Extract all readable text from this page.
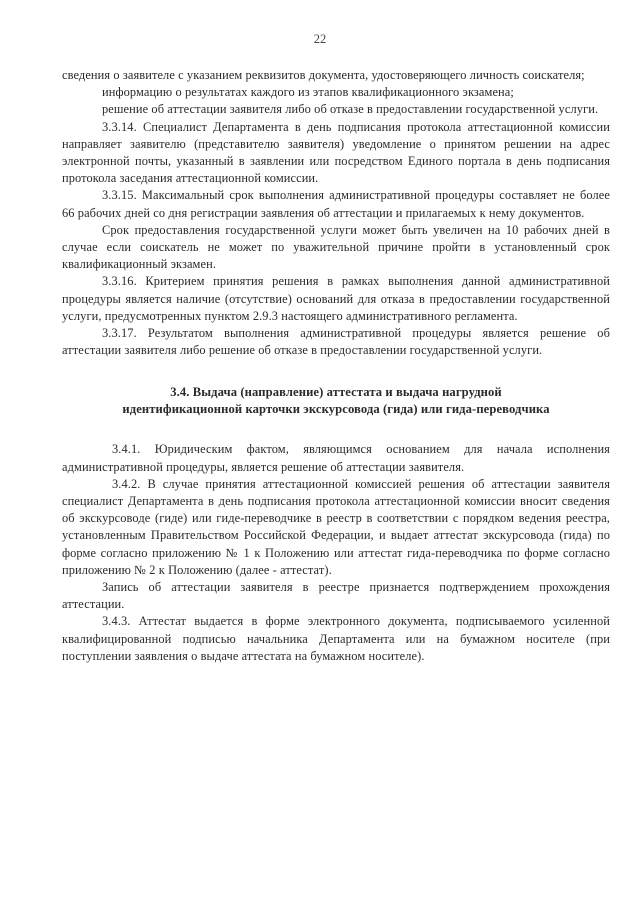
22

сведения о заявителе с указанием реквизитов документа, удостоверяющего личность соискателя;

информацию о результатах каждого из этапов квалификационного экзамена;

решение об аттестации заявителя либо об отказе в предоставлении государственной услуги.

3.3.14. Специалист Департамента в день подписания протокола аттестационной комиссии направляет заявителю (представителю заявителя) уведомление о принятом решении на адрес электронной почты, указанный в заявлении или посредством Единого портала в день подписания протокола заседания аттестационной комиссии.

3.3.15. Максимальный срок выполнения административной процедуры составляет не более 66 рабочих дней со дня регистрации заявления об аттестации и прилагаемых к нему документов.

Срок предоставления государственной услуги может быть увеличен на 10 рабочих дней в случае если соискатель не может по уважительной причине пройти в установленный срок квалификационный экзамен.

3.3.16. Критерием принятия решения в рамках выполнения данной административной процедуры является наличие (отсутствие) оснований для отказа в предоставлении государственной услуги, предусмотренных пунктом 2.9.3 настоящего административного регламента.

3.3.17. Результатом выполнения административной процедуры является решение об аттестации заявителя либо решение об отказе в предоставлении государственной услуги.

3.4. Выдача (направление) аттестата и выдача нагрудной
идентификационной карточки экскурсовода (гида) или гида-переводчика

3.4.1. Юридическим фактом, являющимся основанием для начала исполнения административной процедуры, является решение об аттестации заявителя.

3.4.2. В случае принятия аттестационной комиссией решения об аттестации заявителя специалист Департамента в день подписания протокола аттестационной комиссии вносит сведения об экскурсоводе (гиде) или гиде-переводчике в реестр в соответствии с порядком ведения реестра, установленным Правительством Российской Федерации, и выдает аттестат экскурсовода (гида) по форме согласно приложению № 1 к Положению или аттестат гида-переводчика по форме согласно приложению № 2 к Положению (далее - аттестат).

Запись об аттестации заявителя в реестре признается подтверждением прохождения аттестации.

3.4.3. Аттестат выдается в форме электронного документа, подписываемого усиленной квалифицированной подписью начальника Департамента или на бумажном носителе (при поступлении заявления о выдаче аттестата на бумажном носителе).
